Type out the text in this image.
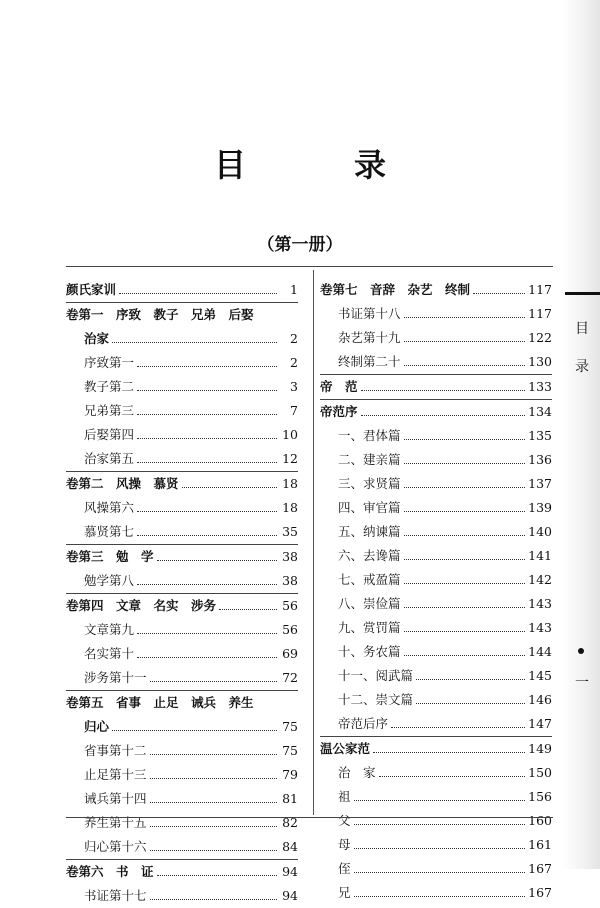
目　录
（第一册）
颜氏家训	1
卷第一　序致　教子　兄弟　后娶
治家	2
序致第一	2
教子第二	3
兄弟第三	7
后娶第四	10
治家第五	12
卷第二　风操　慕贤	18
风操第六	18
慕贤第七	35
卷第三　勉　学	38
勉学第八	38
卷第四　文章　名实　涉务	56
文章第九	56
名实第十	69
涉务第十一	72
卷第五　省事　止足　诫兵　养生
归心	75
省事第十二	75
止足第十三	79
诫兵第十四	81
养生第十五	82
归心第十六	84
卷第六　书　证	94
书证第十七	94
卷第七　音辞　杂艺　终制	117
书证第十八	117
杂艺第十九	122
终制第二十	130
帝　范	133
帝范序	134
一、君体篇	135
二、建亲篇	136
三、求贤篇	137
四、审官篇	139
五、纳谏篇	140
六、去谗篇	141
七、戒盈篇	142
八、崇俭篇	143
九、赏罚篇	143
十、务农篇	144
十一、阅武篇	145
十二、崇文篇	146
帝范后序	147
温公家范	149
治　家	150
祖	156
父	160
母	161
侄	167
兄	167
目
录
一
